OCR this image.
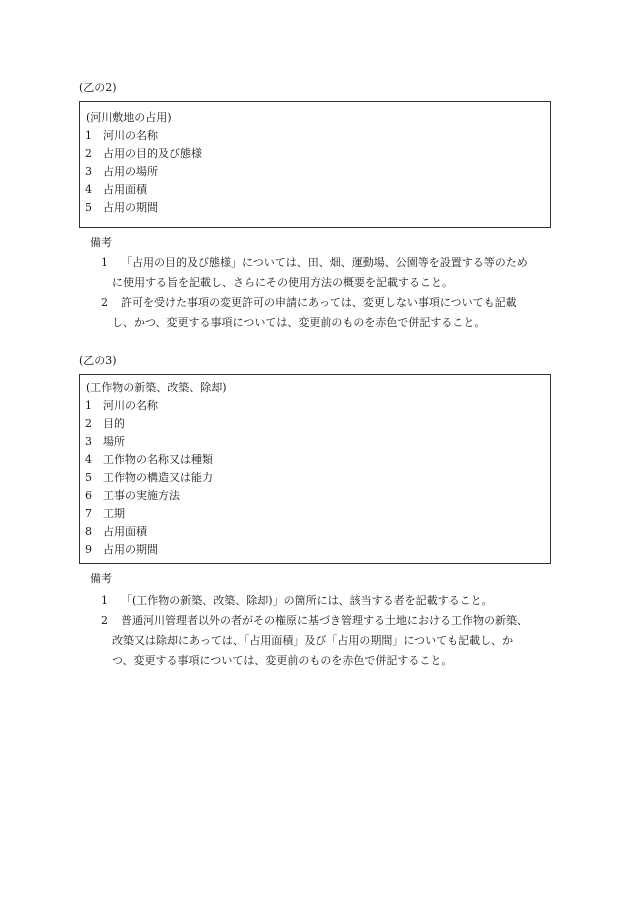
(乙の2)
(河川敷地の占用)
1 河川の名称
2 占用の目的及び態様
3 占用の場所
4 占用面積
5 占用の期間
備考
1 「占用の目的及び態様」については、田、畑、運動場、公園等を設置する等のため
に使用する旨を記載し、さらにその使用方法の概要を記載すること。
2 許可を受けた事項の変更許可の申請にあっては、変更しない事項についても記載
し、かつ、変更する事項については、変更前のものを赤色で併記すること。
(乙の3)
(工作物の新築、改築、除却)
1 河川の名称
2 目的
3 場所
4 工作物の名称又は種類
5 工作物の構造又は能力
6 工事の実施方法
7 工期
8 占用面積
9 占用の期間
備考
1 「(工作物の新築、改築、除却)」の箇所には、該当する者を記載すること。
2 普通河川管理者以外の者がその権原に基づき管理する土地における工作物の新築、
改築又は除却にあっては、「占用面積」及び「占用の期間」についても記載し、か
つ、変更する事項については、変更前のものを赤色で併記すること。
